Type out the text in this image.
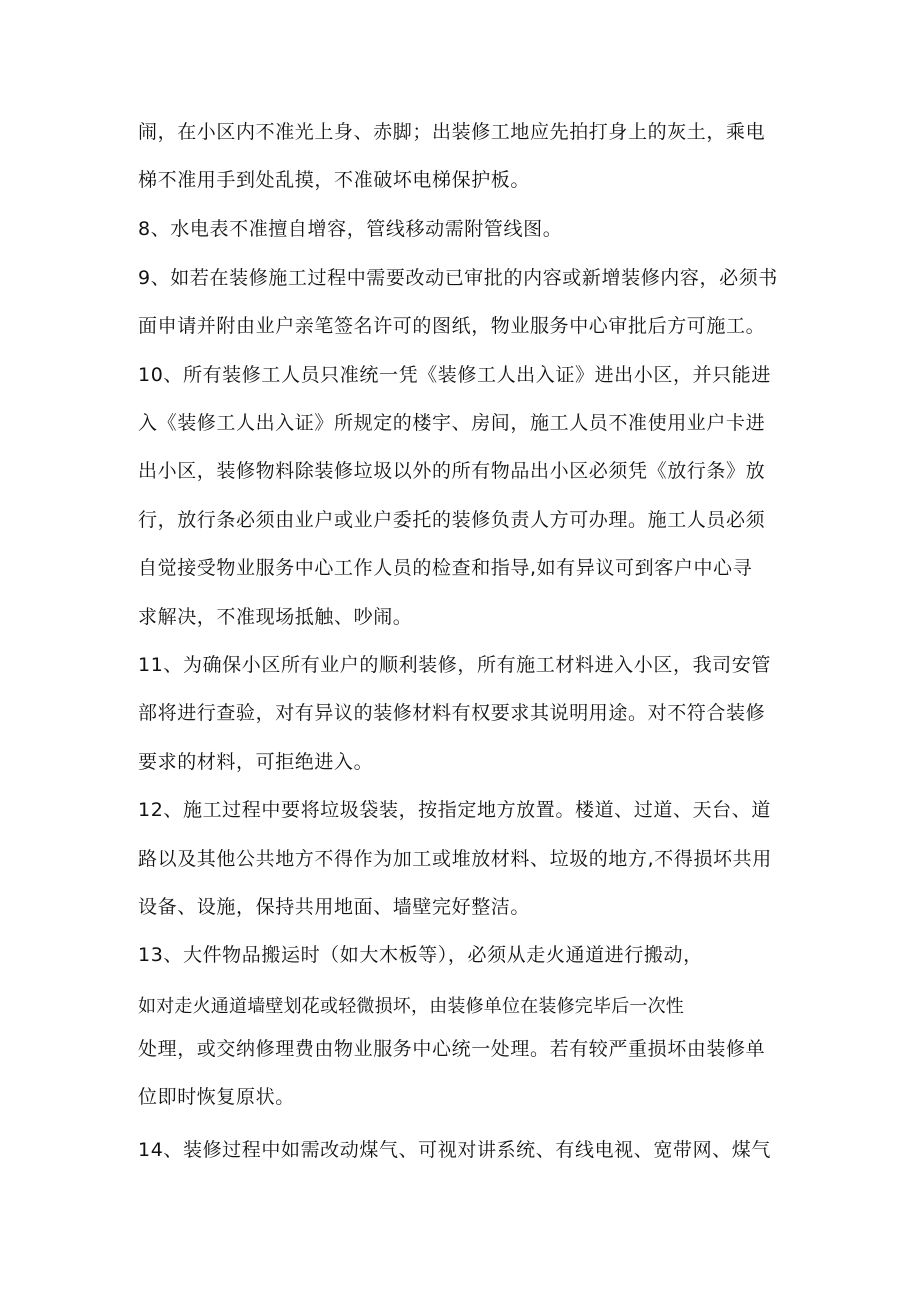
闹，在小区内不准光上身、赤脚；出装修工地应先拍打身上的灰土，乘电
梯不准用手到处乱摸，不准破坏电梯保护板。
8、水电表不准擅自增容，管线移动需附管线图。
9、如若在装修施工过程中需要改动已审批的内容或新增装修内容，必须书
面申请并附由业户亲笔签名许可的图纸，物业服务中心审批后方可施工。
10、所有装修工人员只准统一凭《装修工人出入证》进出小区，并只能进
入《装修工人出入证》所规定的楼宇、房间，施工人员不准使用业户卡进
出小区，装修物料除装修垃圾以外的所有物品出小区必须凭《放行条》放
行，放行条必须由业户或业户委托的装修负责人方可办理。施工人员必须
自觉接受物业服务中心工作人员的检查和指导,如有异议可到客户中心寻
求解决，不准现场抵触、吵闹。
11、为确保小区所有业户的顺利装修，所有施工材料进入小区，我司安管
部将进行查验，对有异议的装修材料有权要求其说明用途。对不符合装修
要求的材料，可拒绝进入。
12、施工过程中要将垃圾袋装，按指定地方放置。楼道、过道、天台、道
路以及其他公共地方不得作为加工或堆放材料、垃圾的地方,不得损坏共用
设备、设施，保持共用地面、墙壁完好整洁。
13、大件物品搬运时（如大木板等），必须从走火通道进行搬动，
如对走火通道墙壁划花或轻微损坏，由装修单位在装修完毕后一次性
处理，或交纳修理费由物业服务中心统一处理。若有较严重损坏由装修单
位即时恢复原状。
14、装修过程中如需改动煤气、可视对讲系统、有线电视、宽带网、煤气
